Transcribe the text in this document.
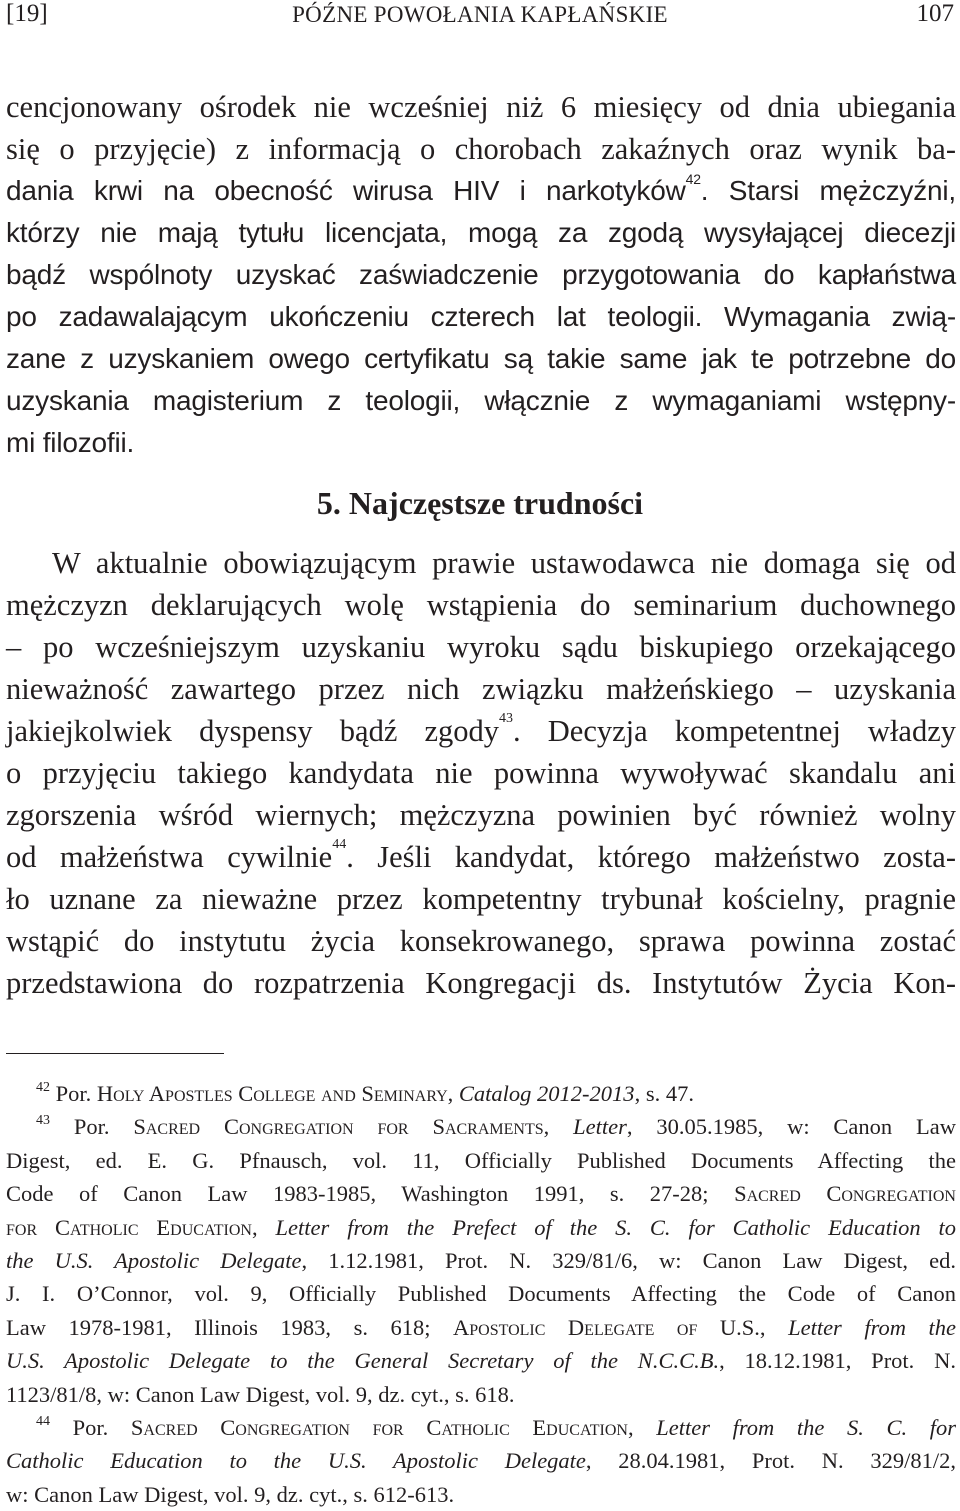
[19]	PÓŹNE POWOŁANIA KAPŁAŃSKIE	107
cencjonowany ośrodek nie wcześniej niż 6 miesięcy od dnia ubiegania
się o przyjęcie) z informacją o chorobach zakaźnych oraz wynik ba-
dania krwi na obecność wirusa HIV i narkotyków$^{42}$. Starsi mężczyźni,
którzy nie mają tytułu licencjata, mogą za zgodą wysyłającej diecezji
bądź wspólnoty uzyskać zaświadczenie przygotowania do kapłaństwa
po zadawalającym ukończeniu czterech lat teologii. Wymagania zwią-
zane z uzyskaniem owego certyfikatu są takie same jak te potrzebne do
uzyskania magisterium z teologii, włącznie z wymaganiami wstępny-
mi filozofii.
5. Najczęstsze trudności
W aktualnie obowiązującym prawie ustawodawca nie domaga się od
mężczyzn deklarujących wolę wstąpienia do seminarium duchownego
– po wcześniejszym uzyskaniu wyroku sądu biskupiego orzekającego
nieważność zawartego przez nich związku małżeńskiego – uzyskania
jakiejkolwiek dyspensy bądź zgody$^{43}$. Decyzja kompetentnej władzy
o przyjęciu takiego kandydata nie powinna wywoływać skandalu ani
zgorszenia wśród wiernych; mężczyzna powinien być również wolny
od małżeństwa cywilnie$^{44}$. Jeśli kandydat, którego małżeństwo zosta-
ło uznane za nieważne przez kompetentny trybunał kościelny, pragnie
wstąpić do instytutu życia konsekrowanego, sprawa powinna zostać
przedstawiona do rozpatrzenia Kongregacji ds. Instytutów Życia Kon-
$^{42}$ Por. Holy Apostles College and Seminary, Catalog 2012-2013, s. 47.
$^{43}$ Por. Sacred Congregation for Sacraments, Letter, 30.05.1985, w: Canon Law
Digest, ed. E. G. Pfnausch, vol. 11, Officially Published Documents Affecting the
Code of Canon Law 1983-1985, Washington 1991, s. 27-28; Sacred Congregation
for Catholic Education, Letter from the Prefect of the S. C. for Catholic Education to
the U.S. Apostolic Delegate, 1.12.1981, Prot. N. 329/81/6, w: Canon Law Digest, ed.
J. I. O’Connor, vol. 9, Officially Published Documents Affecting the Code of Canon
Law 1978-1981, Illinois 1983, s. 618; Apostolic Delegate of U.S., Letter from the
U.S. Apostolic Delegate to the General Secretary of the N.C.C.B., 18.12.1981, Prot. N.
1123/81/8, w: Canon Law Digest, vol. 9, dz. cyt., s. 618.
$^{44}$ Por. Sacred Congregation for Catholic Education, Letter from the S. C. for
Catholic Education to the U.S. Apostolic Delegate, 28.04.1981, Prot. N. 329/81/2,
w: Canon Law Digest, vol. 9, dz. cyt., s. 612-613.
